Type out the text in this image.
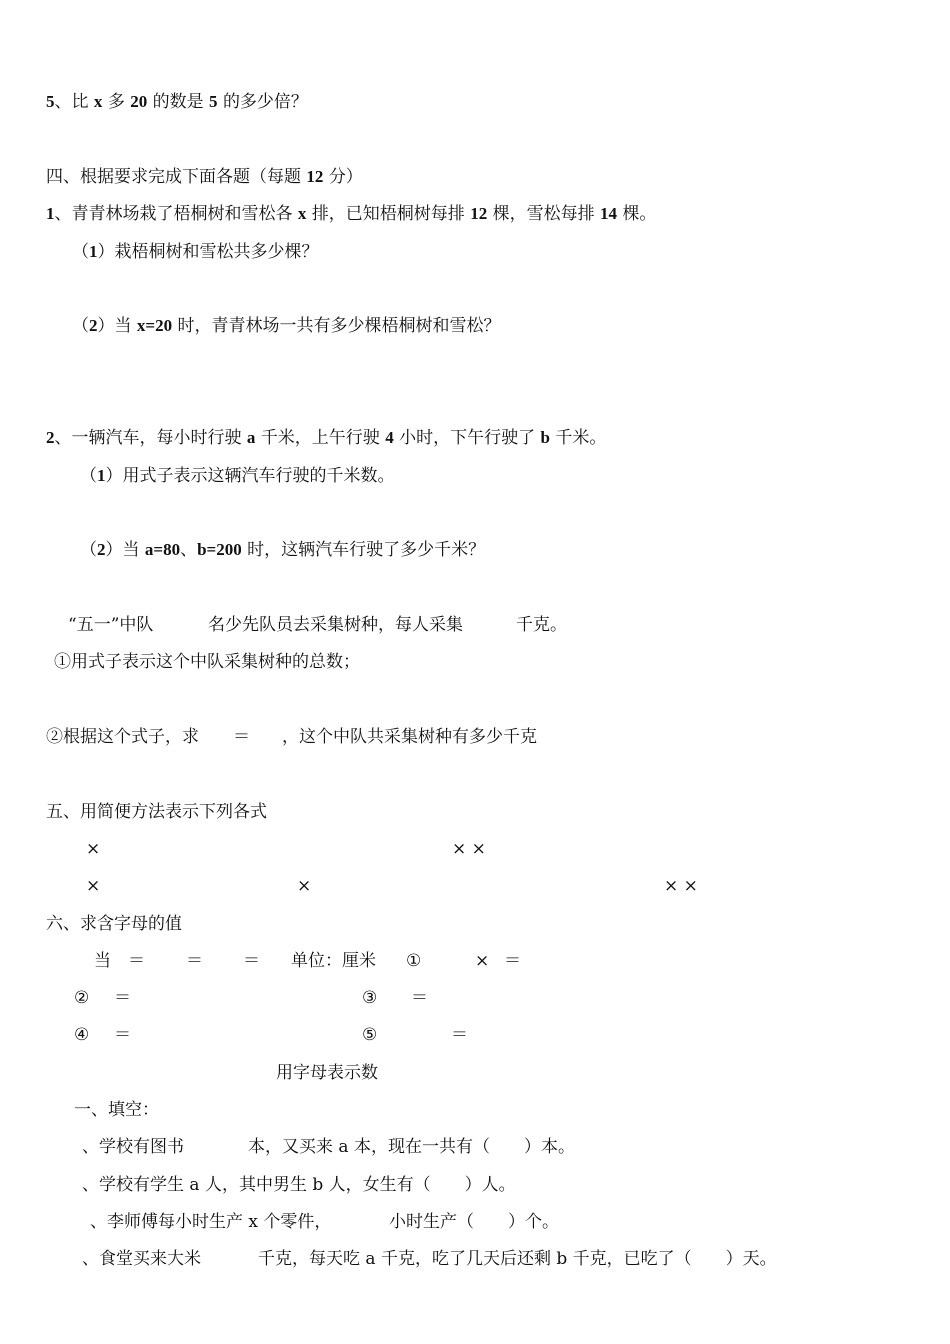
5、比 x 多 20 的数是 5 的多少倍？
四、根据要求完成下面各题（每题 12 分）
1、青青林场栽了梧桐树和雪松各 x 排，已知梧桐树每排 12 棵，雪松每排 14 棵。
（1）栽梧桐树和雪松共多少棵？
（2）当 x=20 时，青青林场一共有多少棵梧桐树和雪松？
2、一辆汽车，每小时行驶 a 千米，上午行驶 4 小时，下午行驶了 b 千米。
（1）用式子表示这辆汽车行驶的千米数。
（2）当 a=80、b=200 时，这辆汽车行驶了多少千米？
“五一”中队	名少先队员去采集树种，每人采集	千克。
①用式子表示这个中队采集树种的总数；
②根据这个式子，求 ＝ ，这个中队共采集树种有多少千克
五、用简便方法表示下列各式
×	× ×
×	×	× ×
六、求含字母的值
当 ＝ ＝ ＝ 单位：厘米 ①	× ＝
② ＝	③ ＝
④ ＝	⑤	＝
用字母表示数
一、填空：
、学校有图书	本，又买来 a 本，现在一共有（　　）本。
、学校有学生 a 人，其中男生 b 人，女生有（　　）人。
、李师傅每小时生产 x 个零件，	小时生产（　　）个。
、食堂买来大米	千克，每天吃 a 千克，吃了几天后还剩 b 千克，已吃了（　　）天。
